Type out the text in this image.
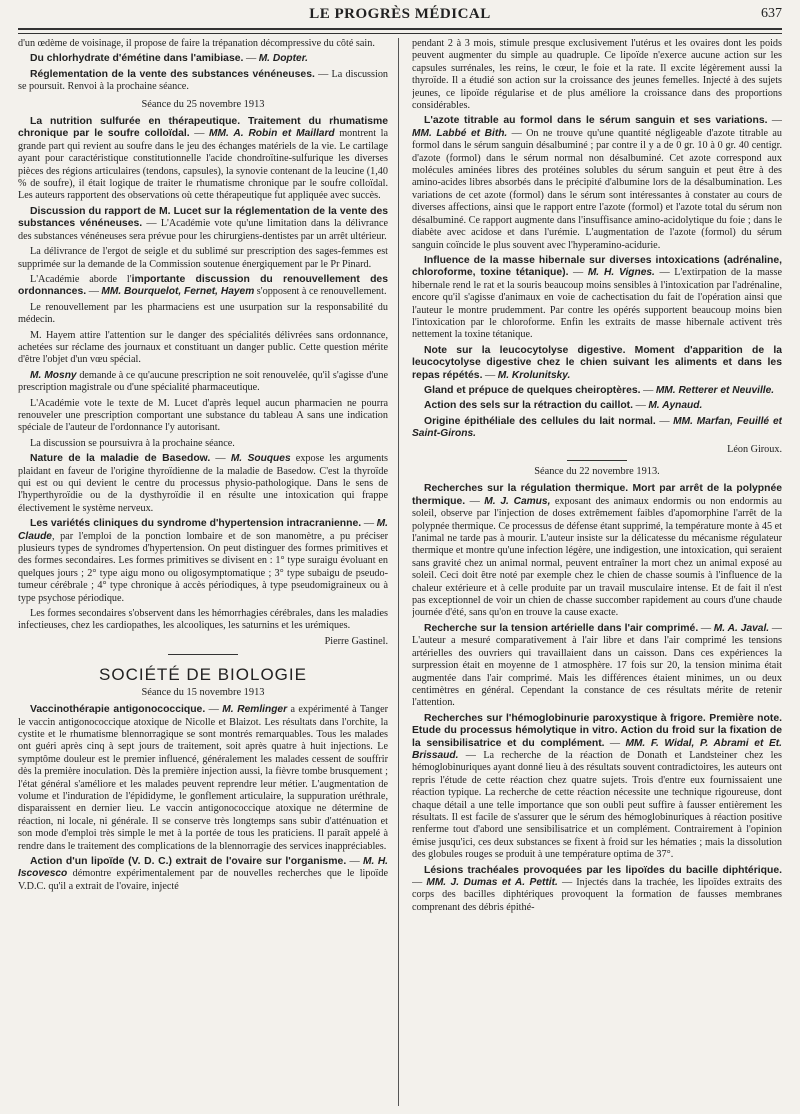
LE PROGRÈS MÉDICAL	637

d'un œdème de voisinage, il propose de faire la trépanation décompressive du côté sain.

Du chlorhydrate d'émétine dans l'amibiase. — M. Dopter.

Réglementation de la vente des substances vénéneuses. — La discussion se poursuit. Renvoi à la prochaine séance.

Séance du 25 novembre 1913

La nutrition sulfurée en thérapeutique. Traitement du rhumatisme chronique par le soufre colloïdal. — MM. A. Robin et Maillard montrent la grande part qui revient au soufre dans le jeu des échanges matériels de la vie. Le cartilage ayant pour caractéristique constitutionnelle l'acide chondroïtine-sulfurique les diverses pièces des régions articulaires (tendons, capsules), la synovie contenant de la leucine (1,40 % de soufre), il était logique de traiter le rhumatisme chronique par le soufre colloïdal. Les auteurs rapportent des observations où cette thérapeutique fut appliquée avec succès.

Discussion du rapport de M. Lucet sur la réglementation de la vente des substances vénéneuses. — L'Académie vote qu'une limitation dans la délivrance des substances vénéneuses sera prévue pour les chirurgiens-dentistes par un arrêt ultérieur.

La délivrance de l'ergot de seigle et du sublimé sur prescription des sages-femmes est supprimée sur la demande de la Commission soutenue énergiquement par le Pr Pinard.

L'Académie aborde l'importante discussion du renouvellement des ordonnances. — MM. Bourquelot, Fernet, Hayem s'opposent à ce renouvellement.

Le renouvellement par les pharmaciens est une usurpation sur la responsabilité du médecin.

M. Hayem attire l'attention sur le danger des spécialités délivrées sans ordonnance, achetées sur réclame des journaux et constituant un danger public. Cette question mérite d'être l'objet d'un vœu spécial.

M. Mosny demande à ce qu'aucune prescription ne soit renouvelée, qu'il s'agisse d'une prescription magistrale ou d'une spécialité pharmaceutique.

L'Académie vote le texte de M. Lucet d'après lequel aucun pharmacien ne pourra renouveler une prescription comportant une substance du tableau A sans une indication spéciale de l'auteur de l'ordonnance l'y autorisant.

La discussion se poursuivra à la prochaine séance.

Nature de la maladie de Basedow. — M. Souques expose les arguments plaidant en faveur de l'origine thyroïdienne de la maladie de Basedow. C'est la thyroïde qui est ou qui devient le centre du processus physio-pathologique. Dans le sens de l'hyperthyroïdie ou de la dysthyroïdie il en résulte une intoxication qui frappe électivement le système nerveux.

Les variétés cliniques du syndrome d'hypertension intracranienne. — M. Claude, par l'emploi de la ponction lombaire et de son manomètre, a pu préciser plusieurs types de syndromes d'hypertension. On peut distinguer des formes primitives et des formes secondaires. Les formes primitives se divisent en : 1° type suraigu évoluant en quelques jours ; 2° type aigu mono ou oligosymptomatique ; 3° type subaigu de pseudo-tumeur cérébrale ; 4° type chronique à accès périodiques, à type pseudomigraineux ou à type psychose périodique.

Les formes secondaires s'observent dans les hémorrhagies cérébrales, dans les maladies infectieuses, chez les cardiopathes, les alcooliques, les saturnins et les urémiques.

Pierre Gastinel.

SOCIÉTÉ DE BIOLOGIE

Séance du 15 novembre 1913

Vaccinothérapie antigonococcique. — M. Remlinger a expérimenté à Tanger le vaccin antigonococcique atoxique de Nicolle et Blaizot. Les résultats dans l'orchite, la cystite et le rhumatisme blennorragique se sont montrés remarquables. Tous les malades ont guéri après cinq à sept jours de traitement, soit après quatre à huit injections. Le symptôme douleur est le premier influencé, généralement les malades cessent de souffrir dès la première inoculation. Dès la première injection aussi, la fièvre tombe brusquement ; l'état général s'améliore et les malades peuvent reprendre leur métier. L'augmentation de volume et l'induration de l'épididyme, le gonflement articulaire, la suppuration uréthrale, disparaissent en dernier lieu. Le vaccin antigonococcique atoxique ne détermine de réaction, ni locale, ni générale. Il se conserve très longtemps sans subir d'atténuation et son mode d'emploi très simple le met à la portée de tous les praticiens. Il paraît appelé à rendre dans le traitement des complications de la blennorragie des services inappréciables.

Action d'un lipoïde (V. D. C.) extrait de l'ovaire sur l'organisme. — M. H. Iscovesco démontre expérimentalement par de nouvelles recherches que le lipoïde V.D.C. qu'il a extrait de l'ovaire, injecté

pendant 2 à 3 mois, stimule presque exclusivement l'utérus et les ovaires dont les poids peuvent augmenter du simple au quadruple. Ce lipoïde n'exerce aucune action sur les capsules surrénales, les reins, le cœur, le foie et la rate. Il excite légèrement aussi la thyroïde. Il a étudié son action sur la croissance des jeunes femelles. Injecté à des sujets jeunes, ce lipoïde régularise et de plus améliore la croissance dans des proportions considérables.

L'azote titrable au formol dans le sérum sanguin et ses variations. — MM. Labbé et Bith. — On ne trouve qu'une quantité négligeable d'azote titrable au formol dans le sérum sanguin désalbuminé ; par contre il y a de 0 gr. 10 à 0 gr. 40 centigr. d'azote (formol) dans le sérum normal non désalbuminé. Cet azote correspond aux molécules aminées libres des protéines solubles du sérum sanguin et peut être à des amino-acides libres absorbés dans le précipité d'albumine lors de la désalbumination. Les variations de cet azote (formol) dans le sérum sont intéressantes à constater au cours de diverses affections, ainsi que le rapport entre l'azote (formol) et l'azote total du sérum non désalbuminé. Ce rapport augmente dans l'insuffisance amino-acidolytique du foie ; dans le diabète avec acidose et dans l'urémie. L'augmentation de l'azote (formol) du sérum sanguin coïncide le plus souvent avec l'hyperamino-acidurie.

Influence de la masse hibernale sur diverses intoxications (adrénaline, chloroforme, toxine tétanique). — M. H. Vignes. — L'extirpation de la masse hibernale rend le rat et la souris beaucoup moins sensibles à l'intoxication par l'adrénaline, encore qu'il s'agisse d'animaux en voie de cachectisation du fait de l'opération ainsi que l'auteur le montre prudemment. Par contre les opérés supportent beaucoup moins bien l'intoxication par le chloroforme. Enfin les extraits de masse hibernale activent très nettement la toxine tétanique.

Note sur la leucocytolyse digestive. Moment d'apparition de la leucocytolyse digestive chez le chien suivant les aliments et dans les repas répétés. — M. Krolunitsky.

Gland et prépuce de quelques cheiroptères. — MM. Retterer et Neuville.

Action des sels sur la rétraction du caillot. — M. Aynaud.

Origine épithéliale des cellules du lait normal. — MM. Marfan, Feuillé et Saint-Girons.

Léon Giroux.

Séance du 22 novembre 1913.

Recherches sur la régulation thermique. Mort par arrêt de la polypnée thermique. — M. J. Camus, exposant des animaux endormis ou non endormis au soleil, observe par l'injection de doses extrêmement faibles d'apomorphine l'arrêt de la polypnée thermique. Ce processus de défense étant supprimé, la température monte à 45 et l'animal ne tarde pas à mourir. L'auteur insiste sur la délicatesse du mécanisme régulateur thermique et montre qu'une infection légère, une indigestion, une intoxication, qui seraient sans gravité chez un animal normal, peuvent entraîner la mort chez un animal exposé au soleil. Ceci doit être noté par exemple chez le chien de chasse soumis à l'influence de la chaleur extérieure et à celle produite par un travail musculaire intense. Et de fait il n'est pas exceptionnel de voir un chien de chasse succomber rapidement au cours d'une chaude journée d'été, sans qu'on en trouve la cause exacte.

Recherche sur la tension artérielle dans l'air comprimé. — M. A. Javal. — L'auteur a mesuré comparativement à l'air libre et dans l'air comprimé les tensions artérielles des ouvriers qui travaillaient dans un caisson. Dans ces expériences la surpression était en moyenne de 1 atmosphère. 17 fois sur 20, la tension minima était augmentée dans l'air comprimé. Mais les différences étaient minimes, un ou deux centimètres en général. Cependant la constance de ces résultats mérite de retenir l'attention.

Recherches sur l'hémoglobinurie paroxystique à frigore. Première note. Etude du processus hémolytique in vitro. Action du froid sur la fixation de la sensibilisatrice et du complément. — MM. F. Widal, P. Abrami et Et. Brissaud. — La recherche de la réaction de Donath et Landsteiner chez les hémoglobinuriques ayant donné lieu à des résultats souvent contradictoires, les auteurs ont repris l'étude de cette réaction chez quatre sujets. Trois d'entre eux fournissaient une réaction typique. La recherche de cette réaction nécessite une technique rigoureuse, dont chaque détail a une telle importance que son oubli peut suffire à fausser entièrement les résultats. Il est facile de s'assurer que le sérum des hémoglobinuriques à réaction positive renferme tout d'abord une sensibilisatrice et un complément. Contrairement à l'opinion émise jusqu'ici, ces deux substances se fixent à froid sur les hématies ; mais la dissolution des globules rouges se produit à une température optima de 37°.

Lésions trachéales provoquées par les lipoïdes du bacille diphtérique. — MM. J. Dumas et A. Pettit. — Injectés dans la trachée, les lipoïdes extraits des corps des bacilles diphtériques provoquent la formation de fausses membranes comprenant des débris épithé-
